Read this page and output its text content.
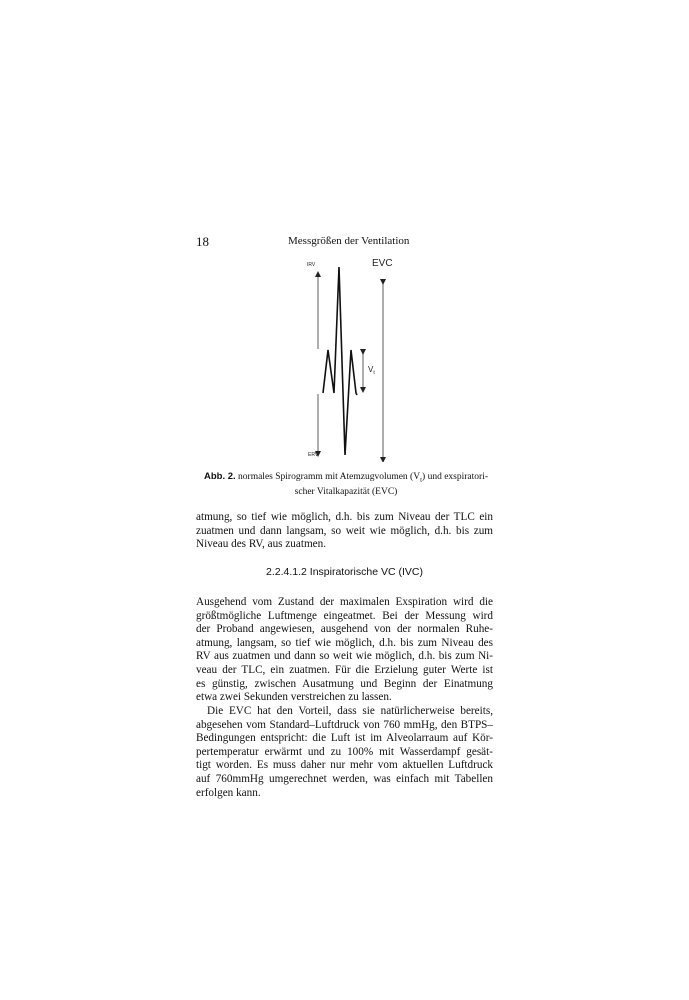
18	Messgrößen der Ventilation
IRV	EVC
$V_t$
ERV
Abb. 2. normales Spirogramm mit Atemzugvolumen $(V_t)$ und exspiratori-
scher Vitalkapazität (EVC)
atmung, so tief wie möglich, d.h. bis zum Niveau der TLC ein
zuatmen und dann langsam, so weit wie möglich, d.h. bis zum
Niveau des RV, aus zuatmen.
2.2.4.1.2 Inspiratorische VC (IVC)
Ausgehend vom Zustand der maximalen Exspiration wird die
größtmögliche Luftmenge eingeatmet. Bei der Messung wird
der Proband angewiesen, ausgehend von der normalen Ruhe-
atmung, langsam, so tief wie möglich, d.h. bis zum Niveau des
RV aus zuatmen und dann so weit wie möglich, d.h. bis zum Ni-
veau der TLC, ein zuatmen. Für die Erzielung guter Werte ist
es günstig, zwischen Ausatmung und Beginn der Einatmung
etwa zwei Sekunden verstreichen zu lassen.
Die EVC hat den Vorteil, dass sie natürlicherweise bereits,
abgesehen vom Standard–Luftdruck von 760 mmHg, den BTPS–
Bedingungen entspricht: die Luft ist im Alveolarraum auf Kör-
pertemperatur erwärmt und zu 100% mit Wasserdampf gesät-
tigt worden. Es muss daher nur mehr vom aktuellen Luftdruck
auf 760mmHg umgerechnet werden, was einfach mit Tabellen
erfolgen kann.
